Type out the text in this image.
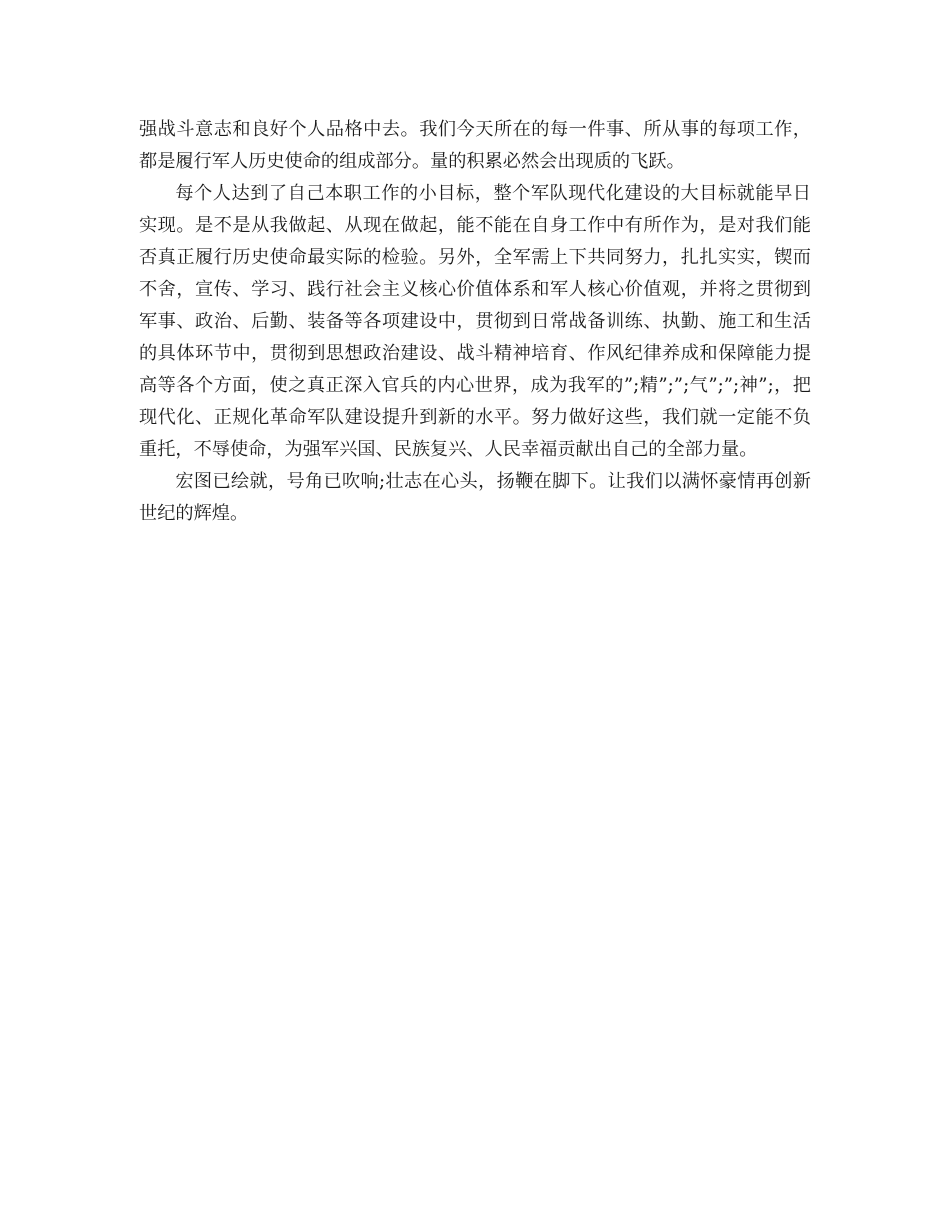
强战斗意志和良好个人品格中去。我们今天所在的每一件事、所从事的每项工作，都是履行军人历史使命的组成部分。量的积累必然会出现质的飞跃。

每个人达到了自己本职工作的小目标，整个军队现代化建设的大目标就能早日实现。是不是从我做起、从现在做起，能不能在自身工作中有所作为，是对我们能否真正履行历史使命最实际的检验。另外，全军需上下共同努力，扎扎实实，锲而不舍，宣传、学习、践行社会主义核心价值体系和军人核心价值观，并将之贯彻到军事、政治、后勤、装备等各项建设中，贯彻到日常战备训练、执勤、施工和生活的具体环节中，贯彻到思想政治建设、战斗精神培育、作风纪律养成和保障能力提高等各个方面，使之真正深入官兵的内心世界，成为我军的”;精”;”;气”;”;神”;，把现代化、正规化革命军队建设提升到新的水平。努力做好这些，我们就一定能不负重托，不辱使命，为强军兴国、民族复兴、人民幸福贡献出自己的全部力量。

宏图已绘就，号角已吹响;壮志在心头，扬鞭在脚下。让我们以满怀豪情再创新世纪的辉煌。
